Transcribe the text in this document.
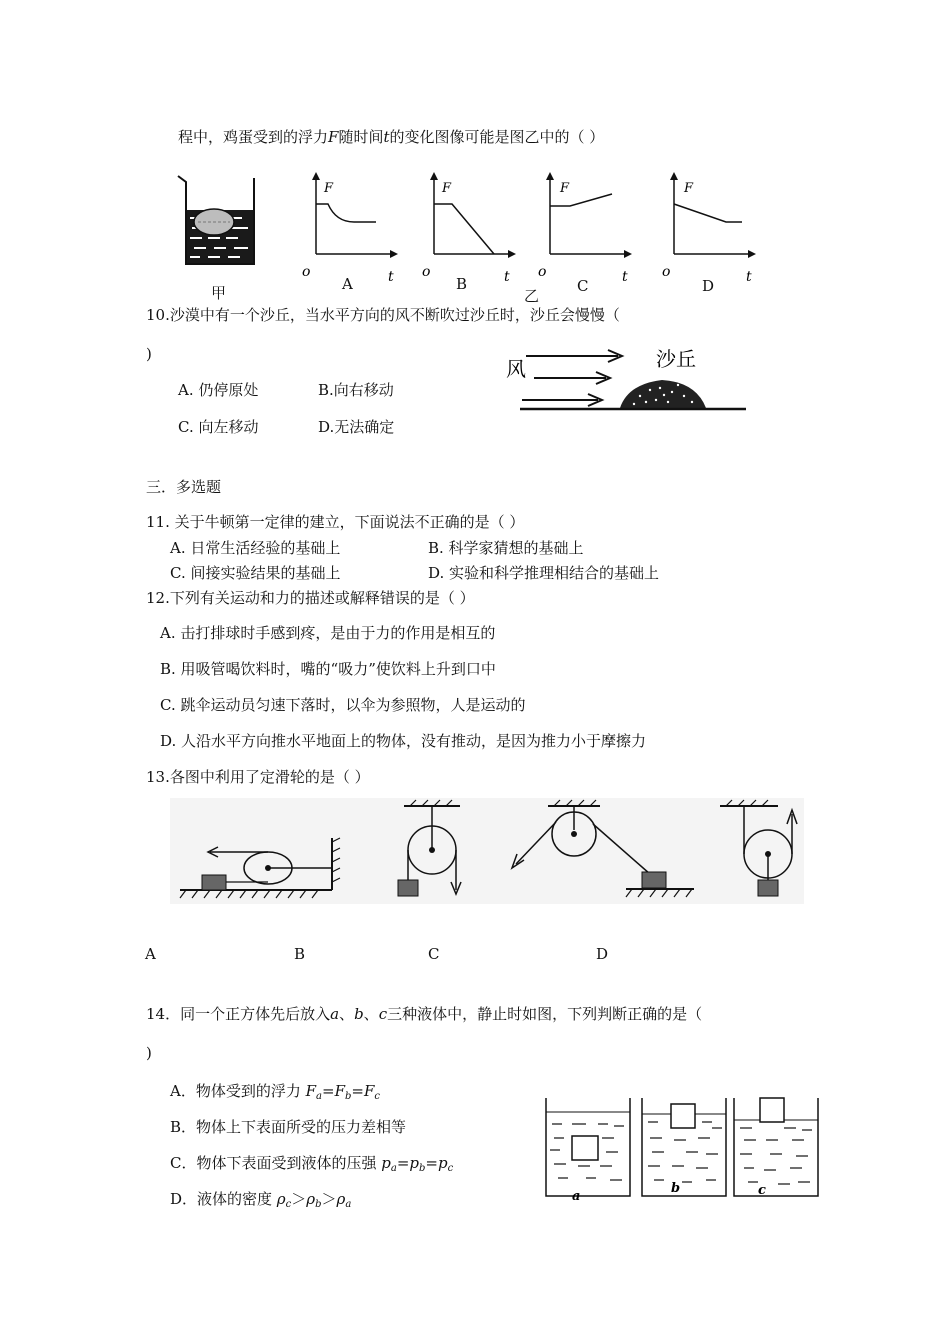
程中，鸡蛋受到的浮力F随时间t的变化图像可能是图乙中的（ ）
甲
F
t
o
A
F
t
o
B
F
t
o
乙
C
F
t
o
D
10.沙漠中有一个沙丘，当水平方向的风不断吹过沙丘时，沙丘会慢慢（
)
A. 仍停原处	B.向右移动
C. 向左移动	D.无法确定
风	沙丘
三．多选题
11. 关于牛顿第一定律的建立，下面说法不正确的是（ ）
A. 日常生活经验的基础上	B. 科学家猜想的基础上
C. 间接实验结果的基础上	D. 实验和科学推理相结合的基础上
12.下列有关运动和力的描述或解释错误的是（ ）
A. 击打排球时手感到疼，是由于力的作用是相互的
B. 用吸管喝饮料时，嘴的“吸力”使饮料上升到口中
C. 跳伞运动员匀速下落时，以伞为参照物，人是运动的
D. 人沿水平方向推水平地面上的物体，没有推动，是因为推力小于摩擦力
13.各图中利用了定滑轮的是（ ）
A	B	C	D
14．同一个正方体先后放入a、b、c三种液体中，静止时如图，下列判断正确的是（
)
A．物体受到的浮力 $F_a=F_b=F_c$
B．物体上下表面所受的压力差相等
C．物体下表面受到液体的压强 $p_a=p_b=p_c$
D．液体的密度 $\rho_c>\rho_b>\rho_a$
a
b	c
